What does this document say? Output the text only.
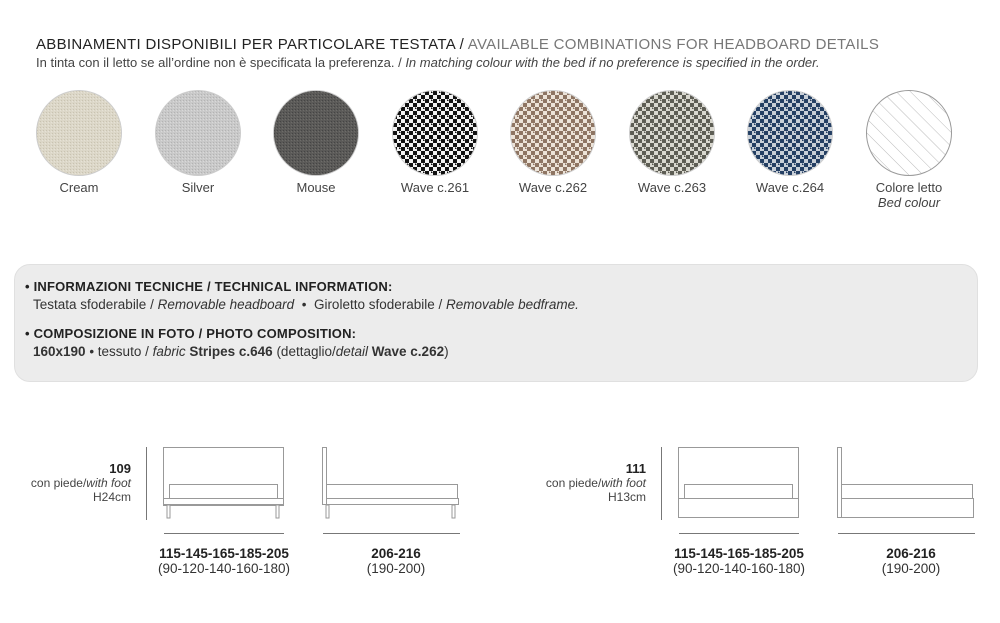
ABBINAMENTI DISPONIBILI PER PARTICOLARE TESTATA / AVAILABLE COMBINATIONS FOR HEADBOARD DETAILS
In tinta con il letto se all’ordine non è specificata la preferenza. / In matching colour with the bed if no preference is specified in the order.
Cream	Silver	Mouse	Wave c.261	Wave c.262	Wave c.263	Wave c.264	Colore letto
Bed colour
• INFORMAZIONI TECNICHE / TECHNICAL INFORMATION:
Testata sfoderabile / Removable headboard  •  Giroletto sfoderabile / Removable bedframe.
• COMPOSIZIONE IN FOTO / PHOTO COMPOSITION:
160x190 • tessuto / fabric Stripes c.646 (dettaglio/detail Wave c.262)
109
con piede/with foot
H24cm
115-145-165-185-205
(90-120-140-160-180)
206-216
(190-200)
111
con piede/with foot
H13cm
115-145-165-185-205
(90-120-140-160-180)
206-216
(190-200)
